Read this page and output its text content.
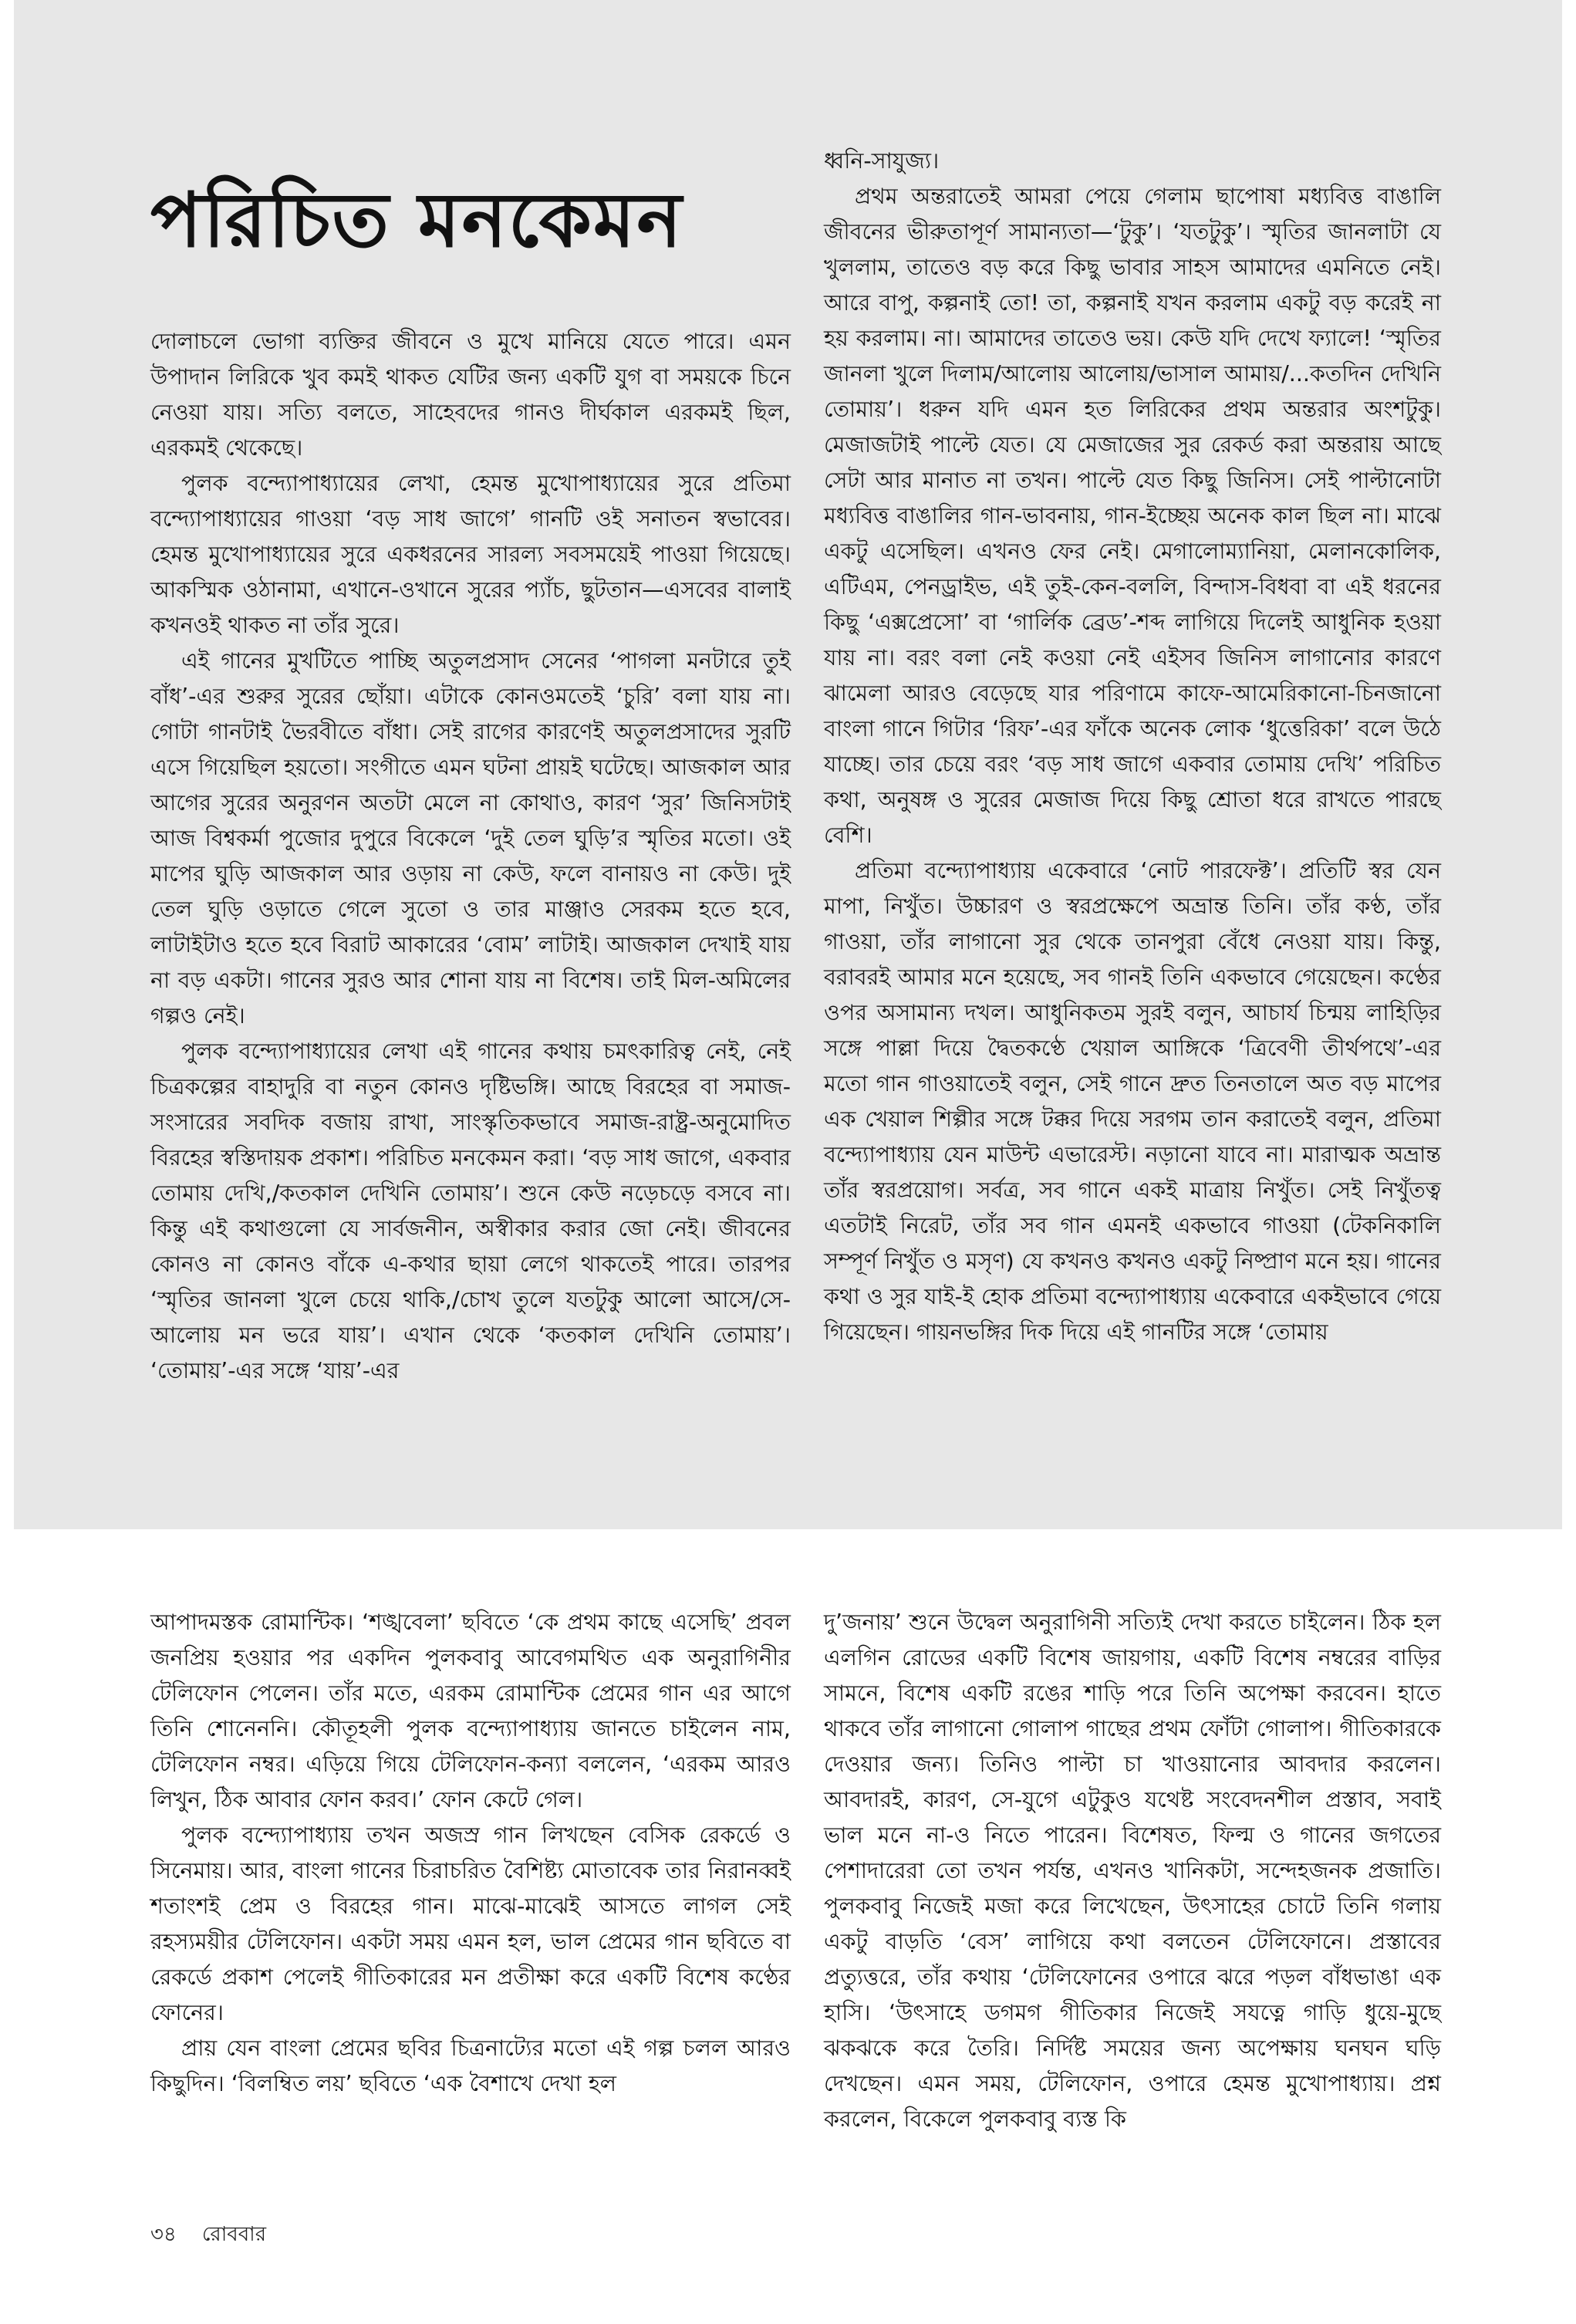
পরিচিত মনকেমন

দোলাচলে ভোগা ব্যক্তির জীবনে ও মুখে মানিয়ে যেতে পারে। এমন উপাদান লিরিকে খুব কমই থাকত যেটির জন্য একটি যুগ বা সময়কে চিনে নেওয়া যায়। সত্যি বলতে, সাহেবদের গানও দীর্ঘকাল এরকমই ছিল, এরকমই থেকেছে।

পুলক বন্দ্যোপাধ্যায়ের লেখা, হেমন্ত মুখোপাধ্যায়ের সুরে প্রতিমা বন্দ্যোপাধ্যায়ের গাওয়া ‘বড় সাধ জাগে’ গানটি ওই সনাতন স্বভাবের। হেমন্ত মুখোপাধ্যায়ের সুরে একধরনের সারল্য সবসময়েই পাওয়া গিয়েছে। আকস্মিক ওঠানামা, এখানে-ওখানে সুরের প্যাঁচ, ছুটতান—এসবের বালাই কখনওই থাকত না তাঁর সুরে।

এই গানের মুখটিতে পাচ্ছি অতুলপ্রসাদ সেনের ‘পাগলা মনটারে তুই বাঁধ’-এর শুরুর সুরের ছোঁয়া। এটাকে কোনওমতেই ‘চুরি’ বলা যায় না। গোটা গানটাই ভৈরবীতে বাঁধা। সেই রাগের কারণেই অতুলপ্রসাদের সুরটি এসে গিয়েছিল হয়তো। সংগীতে এমন ঘটনা প্রায়ই ঘটেছে। আজকাল আর আগের সুরের অনুরণন অতটা মেলে না কোথাও, কারণ ‘সুর’ জিনিসটাই আজ বিশ্বকর্মা পুজোর দুপুরে বিকেলে ‘দুই তেল ঘুড়ি’র স্মৃতির মতো। ওই মাপের ঘুড়ি আজকাল আর ওড়ায় না কেউ, ফলে বানায়ও না কেউ। দুই তেল ঘুড়ি ওড়াতে গেলে সুতো ও তার মাঞ্জাও সেরকম হতে হবে, লাটাইটাও হতে হবে বিরাট আকারের ‘বোম’ লাটাই। আজকাল দেখাই যায় না বড় একটা। গানের সুরও আর শোনা যায় না বিশেষ। তাই মিল-অমিলের গল্পও নেই।

পুলক বন্দ্যোপাধ্যায়ের লেখা এই গানের কথায় চমৎকারিত্ব নেই, নেই চিত্রকল্পের বাহাদুরি বা নতুন কোনও দৃষ্টিভঙ্গি। আছে বিরহের বা সমাজ-সংসারের সবদিক বজায় রাখা, সাংস্কৃতিকভাবে সমাজ-রাষ্ট্র-অনুমোদিত বিরহের স্বস্তিদায়ক প্রকাশ। পরিচিত মনকেমন করা। ‘বড় সাধ জাগে, একবার তোমায় দেখি,/কতকাল দেখিনি তোমায়’। শুনে কেউ নড়েচড়ে বসবে না। কিন্তু এই কথাগুলো যে সার্বজনীন, অস্বীকার করার জো নেই। জীবনের কোনও না কোনও বাঁকে এ-কথার ছায়া লেগে থাকতেই পারে। তারপর ‘স্মৃতির জানলা খুলে চেয়ে থাকি,/চোখ তুলে যতটুকু আলো আসে/সে-আলোয় মন ভরে যায়’। এখান থেকে ‘কতকাল দেখিনি তোমায়’। ‘তোমায়’-এর সঙ্গে ‘যায়’-এর

ধ্বনি-সাযুজ্য।

প্রথম অন্তরাতেই আমরা পেয়ে গেলাম ছাপোষা মধ্যবিত্ত বাঙালি জীবনের ভীরুতাপূর্ণ সামান্যতা—‘টুকু’। ‘যতটুকু’। স্মৃতির জানলাটা যে খুললাম, তাতেও বড় করে কিছু ভাবার সাহস আমাদের এমনিতে নেই। আরে বাপু, কল্পনাই তো! তা, কল্পনাই যখন করলাম একটু বড় করেই না হয় করলাম। না। আমাদের তাতেও ভয়। কেউ যদি দেখে ফ্যালে! ‘স্মৃতির জানলা খুলে দিলাম/আলোয় আলোয়/ভাসাল আমায়/...কতদিন দেখিনি তোমায়’। ধরুন যদি এমন হত লিরিকের প্রথম অন্তরার অংশটুকু। মেজাজটাই পাল্টে যেত। যে মেজাজের সুর রেকর্ড করা অন্তরায় আছে সেটা আর মানাত না তখন। পাল্টে যেত কিছু জিনিস। সেই পাল্টানোটা মধ্যবিত্ত বাঙালির গান-ভাবনায়, গান-ইচ্ছেয় অনেক কাল ছিল না। মাঝে একটু এসেছিল। এখনও ফের নেই। মেগালোম্যানিয়া, মেলানকোলিক, এটিএম, পেনড্রাইভ, এই তুই-কেন-বললি, বিন্দাস-বিধবা বা এই ধরনের কিছু ‘এক্সপ্রেসো’ বা ‘গার্লিক ব্রেড’-শব্দ লাগিয়ে দিলেই আধুনিক হওয়া যায় না। বরং বলা নেই কওয়া নেই এইসব জিনিস লাগানোর কারণে ঝামেলা আরও বেড়েছে যার পরিণামে কাফে-আমেরিকানো-চিনজানো বাংলা গানে গিটার ‘রিফ’-এর ফাঁকে অনেক লোক ‘ধুত্তেরিকা’ বলে উঠে যাচ্ছে। তার চেয়ে বরং ‘বড় সাধ জাগে একবার তোমায় দেখি’ পরিচিত কথা, অনুষঙ্গ ও সুরের মেজাজ দিয়ে কিছু শ্রোতা ধরে রাখতে পারছে বেশি।

প্রতিমা বন্দ্যোপাধ্যায় একেবারে ‘নোট পারফেক্ট’। প্রতিটি স্বর যেন মাপা, নিখুঁত। উচ্চারণ ও স্বরপ্রক্ষেপে অভ্রান্ত তিনি। তাঁর কণ্ঠ, তাঁর গাওয়া, তাঁর লাগানো সুর থেকে তানপুরা বেঁধে নেওয়া যায়। কিন্তু, বরাবরই আমার মনে হয়েছে, সব গানই তিনি একভাবে গেয়েছেন। কণ্ঠের ওপর অসামান্য দখল। আধুনিকতম সুরই বলুন, আচার্য চিন্ময় লাহিড়ির সঙ্গে পাল্লা দিয়ে দ্বৈতকণ্ঠে খেয়াল আঙ্গিকে ‘ত্রিবেণী তীর্থপথে’-এর মতো গান গাওয়াতেই বলুন, সেই গানে দ্রুত তিনতালে অত বড় মাপের এক খেয়াল শিল্পীর সঙ্গে টক্কর দিয়ে সরগম তান করাতেই বলুন, প্রতিমা বন্দ্যোপাধ্যায় যেন মাউন্ট এভারেস্ট। নড়ানো যাবে না। মারাত্মক অভ্রান্ত তাঁর স্বরপ্রয়োগ। সর্বত্র, সব গানে একই মাত্রায় নিখুঁত। সেই নিখুঁতত্ব এতটাই নিরেট, তাঁর সব গান এমনই একভাবে গাওয়া (টেকনিকালি সম্পূর্ণ নিখুঁত ও মসৃণ) যে কখনও কখনও একটু নিষ্প্রাণ মনে হয়। গানের কথা ও সুর যাই-ই হোক প্রতিমা বন্দ্যোপাধ্যায় একেবারে একইভাবে গেয়ে গিয়েছেন। গায়নভঙ্গির দিক দিয়ে এই গানটির সঙ্গে ‘তোমায়

আপাদমস্তক রোমান্টিক। ‘শঙ্খবেলা’ ছবিতে ‘কে প্রথম কাছে এসেছি’ প্রবল জনপ্রিয় হওয়ার পর একদিন পুলকবাবু আবেগমথিত এক অনুরাগিনীর টেলিফোন পেলেন। তাঁর মতে, এরকম রোমান্টিক প্রেমের গান এর আগে তিনি শোনেননি। কৌতূহলী পুলক বন্দ্যোপাধ্যায় জানতে চাইলেন নাম, টেলিফোন নম্বর। এড়িয়ে গিয়ে টেলিফোন-কন্যা বললেন, ‘এরকম আরও লিখুন, ঠিক আবার ফোন করব।’ ফোন কেটে গেল।

পুলক বন্দ্যোপাধ্যায় তখন অজস্র গান লিখছেন বেসিক রেকর্ডে ও সিনেমায়। আর, বাংলা গানের চিরাচরিত বৈশিষ্ট্য মোতাবেক তার নিরানব্বই শতাংশই প্রেম ও বিরহের গান। মাঝে-মাঝেই আসতে লাগল সেই রহস্যময়ীর টেলিফোন। একটা সময় এমন হল, ভাল প্রেমের গান ছবিতে বা রেকর্ডে প্রকাশ পেলেই গীতিকারের মন প্রতীক্ষা করে একটি বিশেষ কণ্ঠের ফোনের।

প্রায় যেন বাংলা প্রেমের ছবির চিত্রনাট্যের মতো এই গল্প চলল আরও কিছুদিন। ‘বিলম্বিত লয়’ ছবিতে ‘এক বৈশাখে দেখা হল

দু’জনায়’ শুনে উদ্বেল অনুরাগিনী সত্যিই দেখা করতে চাইলেন। ঠিক হল এলগিন রোডের একটি বিশেষ জায়গায়, একটি বিশেষ নম্বরের বাড়ির সামনে, বিশেষ একটি রঙের শাড়ি পরে তিনি অপেক্ষা করবেন। হাতে থাকবে তাঁর লাগানো গোলাপ গাছের প্রথম ফোঁটা গোলাপ। গীতিকারকে দেওয়ার জন্য। তিনিও পাল্টা চা খাওয়ানোর আবদার করলেন। আবদারই, কারণ, সে-যুগে এটুকুও যথেষ্ট সংবেদনশীল প্রস্তাব, সবাই ভাল মনে না-ও নিতে পারেন। বিশেষত, ফিল্ম ও গানের জগতের পেশাদারেরা তো তখন পর্যন্ত, এখনও খানিকটা, সন্দেহজনক প্রজাতি। পুলকবাবু নিজেই মজা করে লিখেছেন, উৎসাহের চোটে তিনি গলায় একটু বাড়তি ‘বেস’ লাগিয়ে কথা বলতেন টেলিফোনে। প্রস্তাবের প্রত্যুত্তরে, তাঁর কথায় ‘টেলিফোনের ওপারে ঝরে পড়ল বাঁধভাঙা এক হাসি। ‘উৎসাহে ডগমগ গীতিকার নিজেই সযত্নে গাড়ি ধুয়ে-মুছে ঝকঝকে করে তৈরি। নির্দিষ্ট সময়ের জন্য অপেক্ষায় ঘনঘন ঘড়ি দেখছেন। এমন সময়, টেলিফোন, ওপারে হেমন্ত মুখোপাধ্যায়। প্রশ্ন করলেন, বিকেলে পুলকবাবু ব্যস্ত কি

৩৪ রোববার
